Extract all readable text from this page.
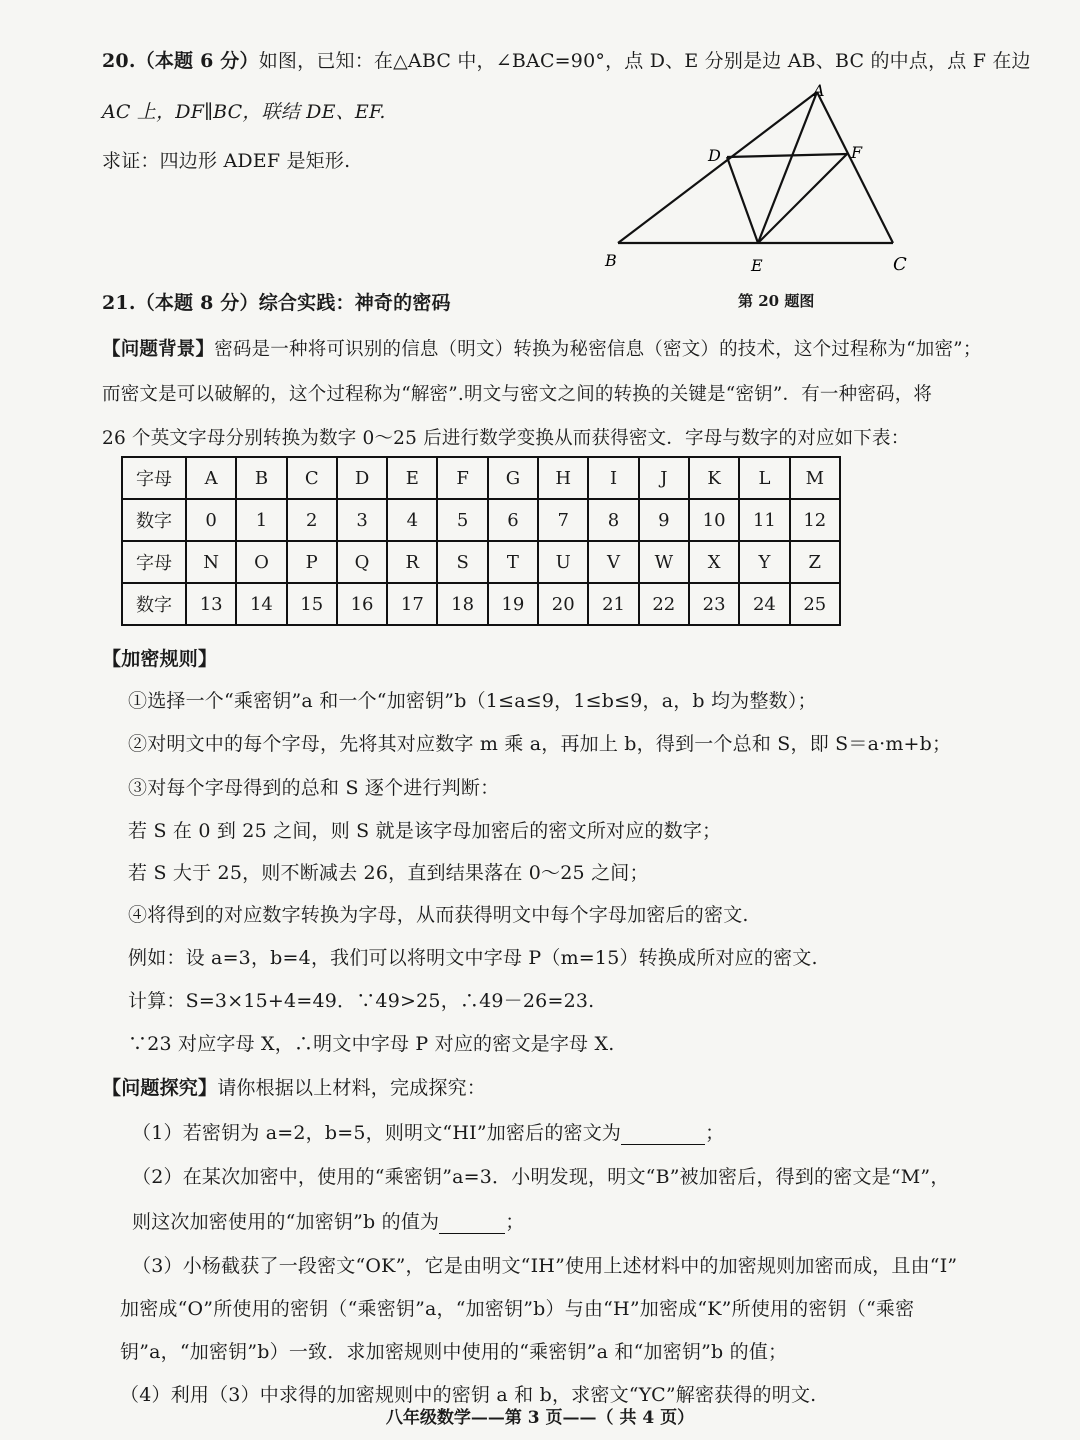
20.（本题 6 分）如图，已知：在△ABC 中，∠BAC=90°，点 D、E 分别是边 AB、BC 的中点，点 F 在边
AC 上，DF∥BC，联结 DE、EF.
求证：四边形 ADEF 是矩形.
A
D	F
B	E	C
第 20 题图
21.（本题 8 分）综合实践：神奇的密码
【问题背景】密码是一种将可识别的信息（明文）转换为秘密信息（密文）的技术，这个过程称为“加密”；
而密文是可以破解的，这个过程称为“解密”.明文与密文之间的转换的关键是“密钥”．有一种密码，将
26 个英文字母分别转换为数字 0～25 后进行数学变换从而获得密文．字母与数字的对应如下表：
字母	A	B	C	D	E	F	G	H	I	J	K	L	M
数字	0	1	2	3	4	5	6	7	8	9	10	11	12
字母	N	O	P	Q	R	S	T	U	V	W	X	Y	Z
数字	13	14	15	16	17	18	19	20	21	22	23	24	25
【加密规则】
①选择一个“乘密钥”a 和一个“加密钥”b（1≤a≤9，1≤b≤9，a，b 均为整数）；
②对明文中的每个字母，先将其对应数字 m 乘 a，再加上 b，得到一个总和 S，即 S＝a·m+b；
③对每个字母得到的总和 S 逐个进行判断：
若 S 在 0 到 25 之间，则 S 就是该字母加密后的密文所对应的数字；
若 S 大于 25，则不断减去 26，直到结果落在 0～25 之间；
④将得到的对应数字转换为字母，从而获得明文中每个字母加密后的密文.
例如：设 a=3，b=4，我们可以将明文中字母 P（m=15）转换成所对应的密文.
计算：S=3×15+4=49．∵49>25，∴49－26=23.
∵23 对应字母 X，∴明文中字母 P 对应的密文是字母 X.
【问题探究】请你根据以上材料，完成探究：
（1）若密钥为 a=2，b=5，则明文“HI”加密后的密文为	；
（2）在某次加密中，使用的“乘密钥”a=3．小明发现，明文“B”被加密后，得到的密文是“M”，
则这次加密使用的“加密钥”b 的值为	；
（3）小杨截获了一段密文“OK”，它是由明文“IH”使用上述材料中的加密规则加密而成，且由“I”
加密成“O”所使用的密钥（“乘密钥”a，“加密钥”b）与由“H”加密成“K”所使用的密钥（“乘密
钥”a，“加密钥”b）一致．求加密规则中使用的“乘密钥”a 和“加密钥”b 的值；
（4）利用（3）中求得的加密规则中的密钥 a 和 b，求密文“YC”解密获得的明文.
八年级数学——第 3 页——（ 共 4 页）
